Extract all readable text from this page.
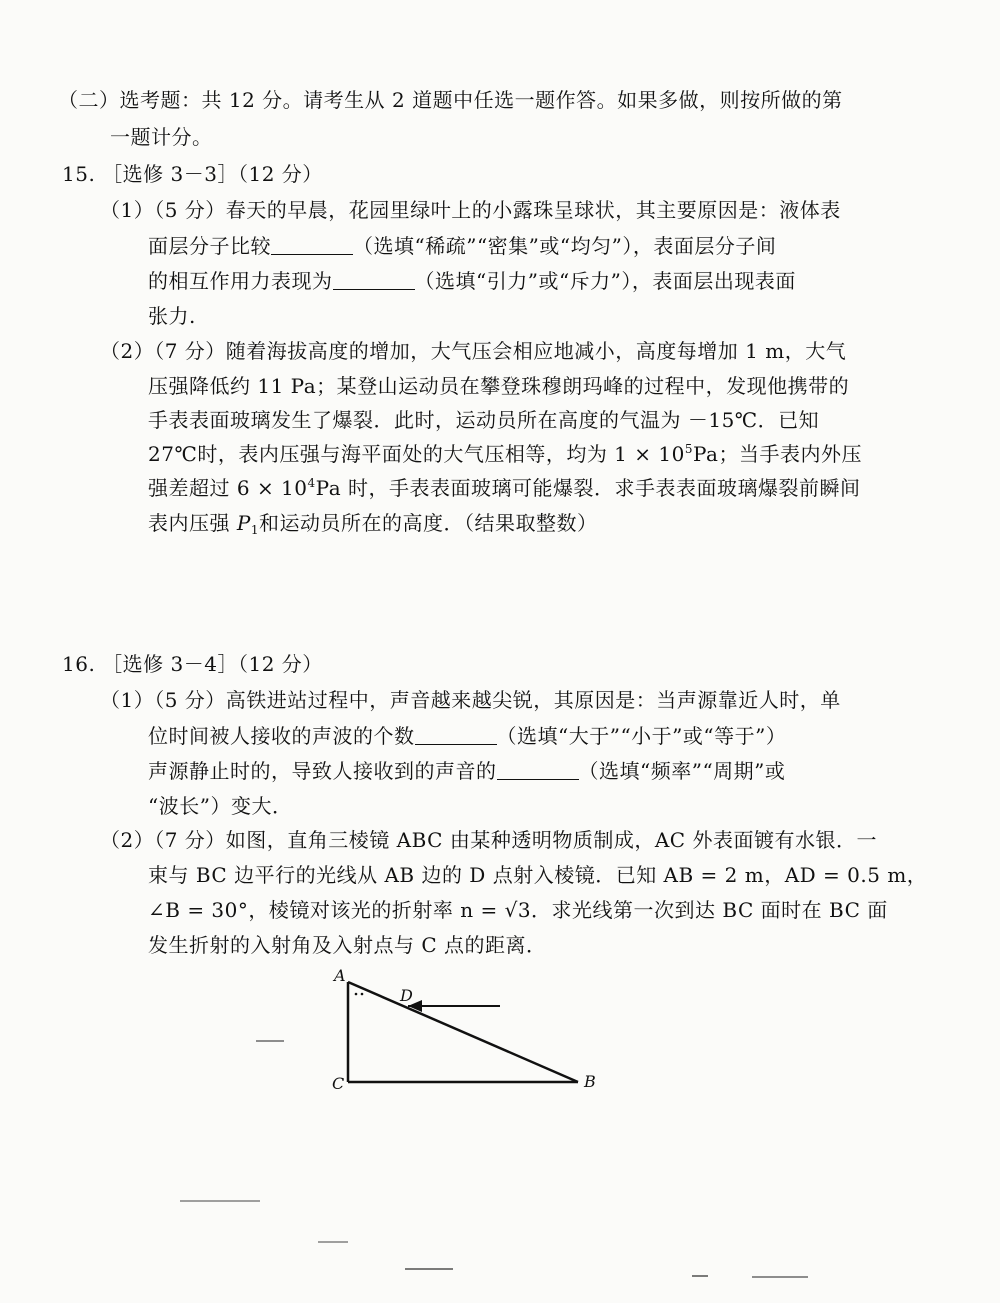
（二）选考题：共 12 分。请考生从 2 道题中任选一题作答。如果多做，则按所做的第
一题计分。
15. ［选修 3－3］（12 分）
（1）（5 分）春天的早晨，花园里绿叶上的小露珠呈球状，其主要原因是：液体表
面层分子比较	（选填“稀疏”“密集”或“均匀”），表面层分子间
的相互作用力表现为	（选填“引力”或“斥力”），表面层出现表面
张力.
（2）（7 分）随着海拔高度的增加，大气压会相应地减小，高度每增加 1 m，大气
压强降低约 11 Pa；某登山运动员在攀登珠穆朗玛峰的过程中，发现他携带的
手表表面玻璃发生了爆裂．此时，运动员所在高度的气温为 －15℃．已知
27℃时，表内压强与海平面处的大气压相等，均为 $1 \times 10^5Pa$；当手表内外压
强差超过 $6 \times 10^4Pa$ 时，手表表面玻璃可能爆裂．求手表表面玻璃爆裂前瞬间
表内压强 $P_1$和运动员所在的高度．（结果取整数）
16. ［选修 3－4］（12 分）
（1）（5 分）高铁进站过程中，声音越来越尖锐，其原因是：当声源靠近人时，单
位时间被人接收的声波的个数	（选填“大于”“小于”或“等于”）
声源静止时的，导致人接收到的声音的	（选填“频率”“周期”或
“波长”）变大．
（2）（7 分）如图，直角三棱镜 ABC 由某种透明物质制成，AC 外表面镀有水银．一
束与 BC 边平行的光线从 AB 边的 D 点射入棱镜．已知 AB = 2 m，AD = 0.5 m，
∠B = 30°，棱镜对该光的折射率 n = √3．求光线第一次到达 BC 面时在 BC 面
发生折射的入射角及入射点与 C 点的距离．
A
D
C	B
